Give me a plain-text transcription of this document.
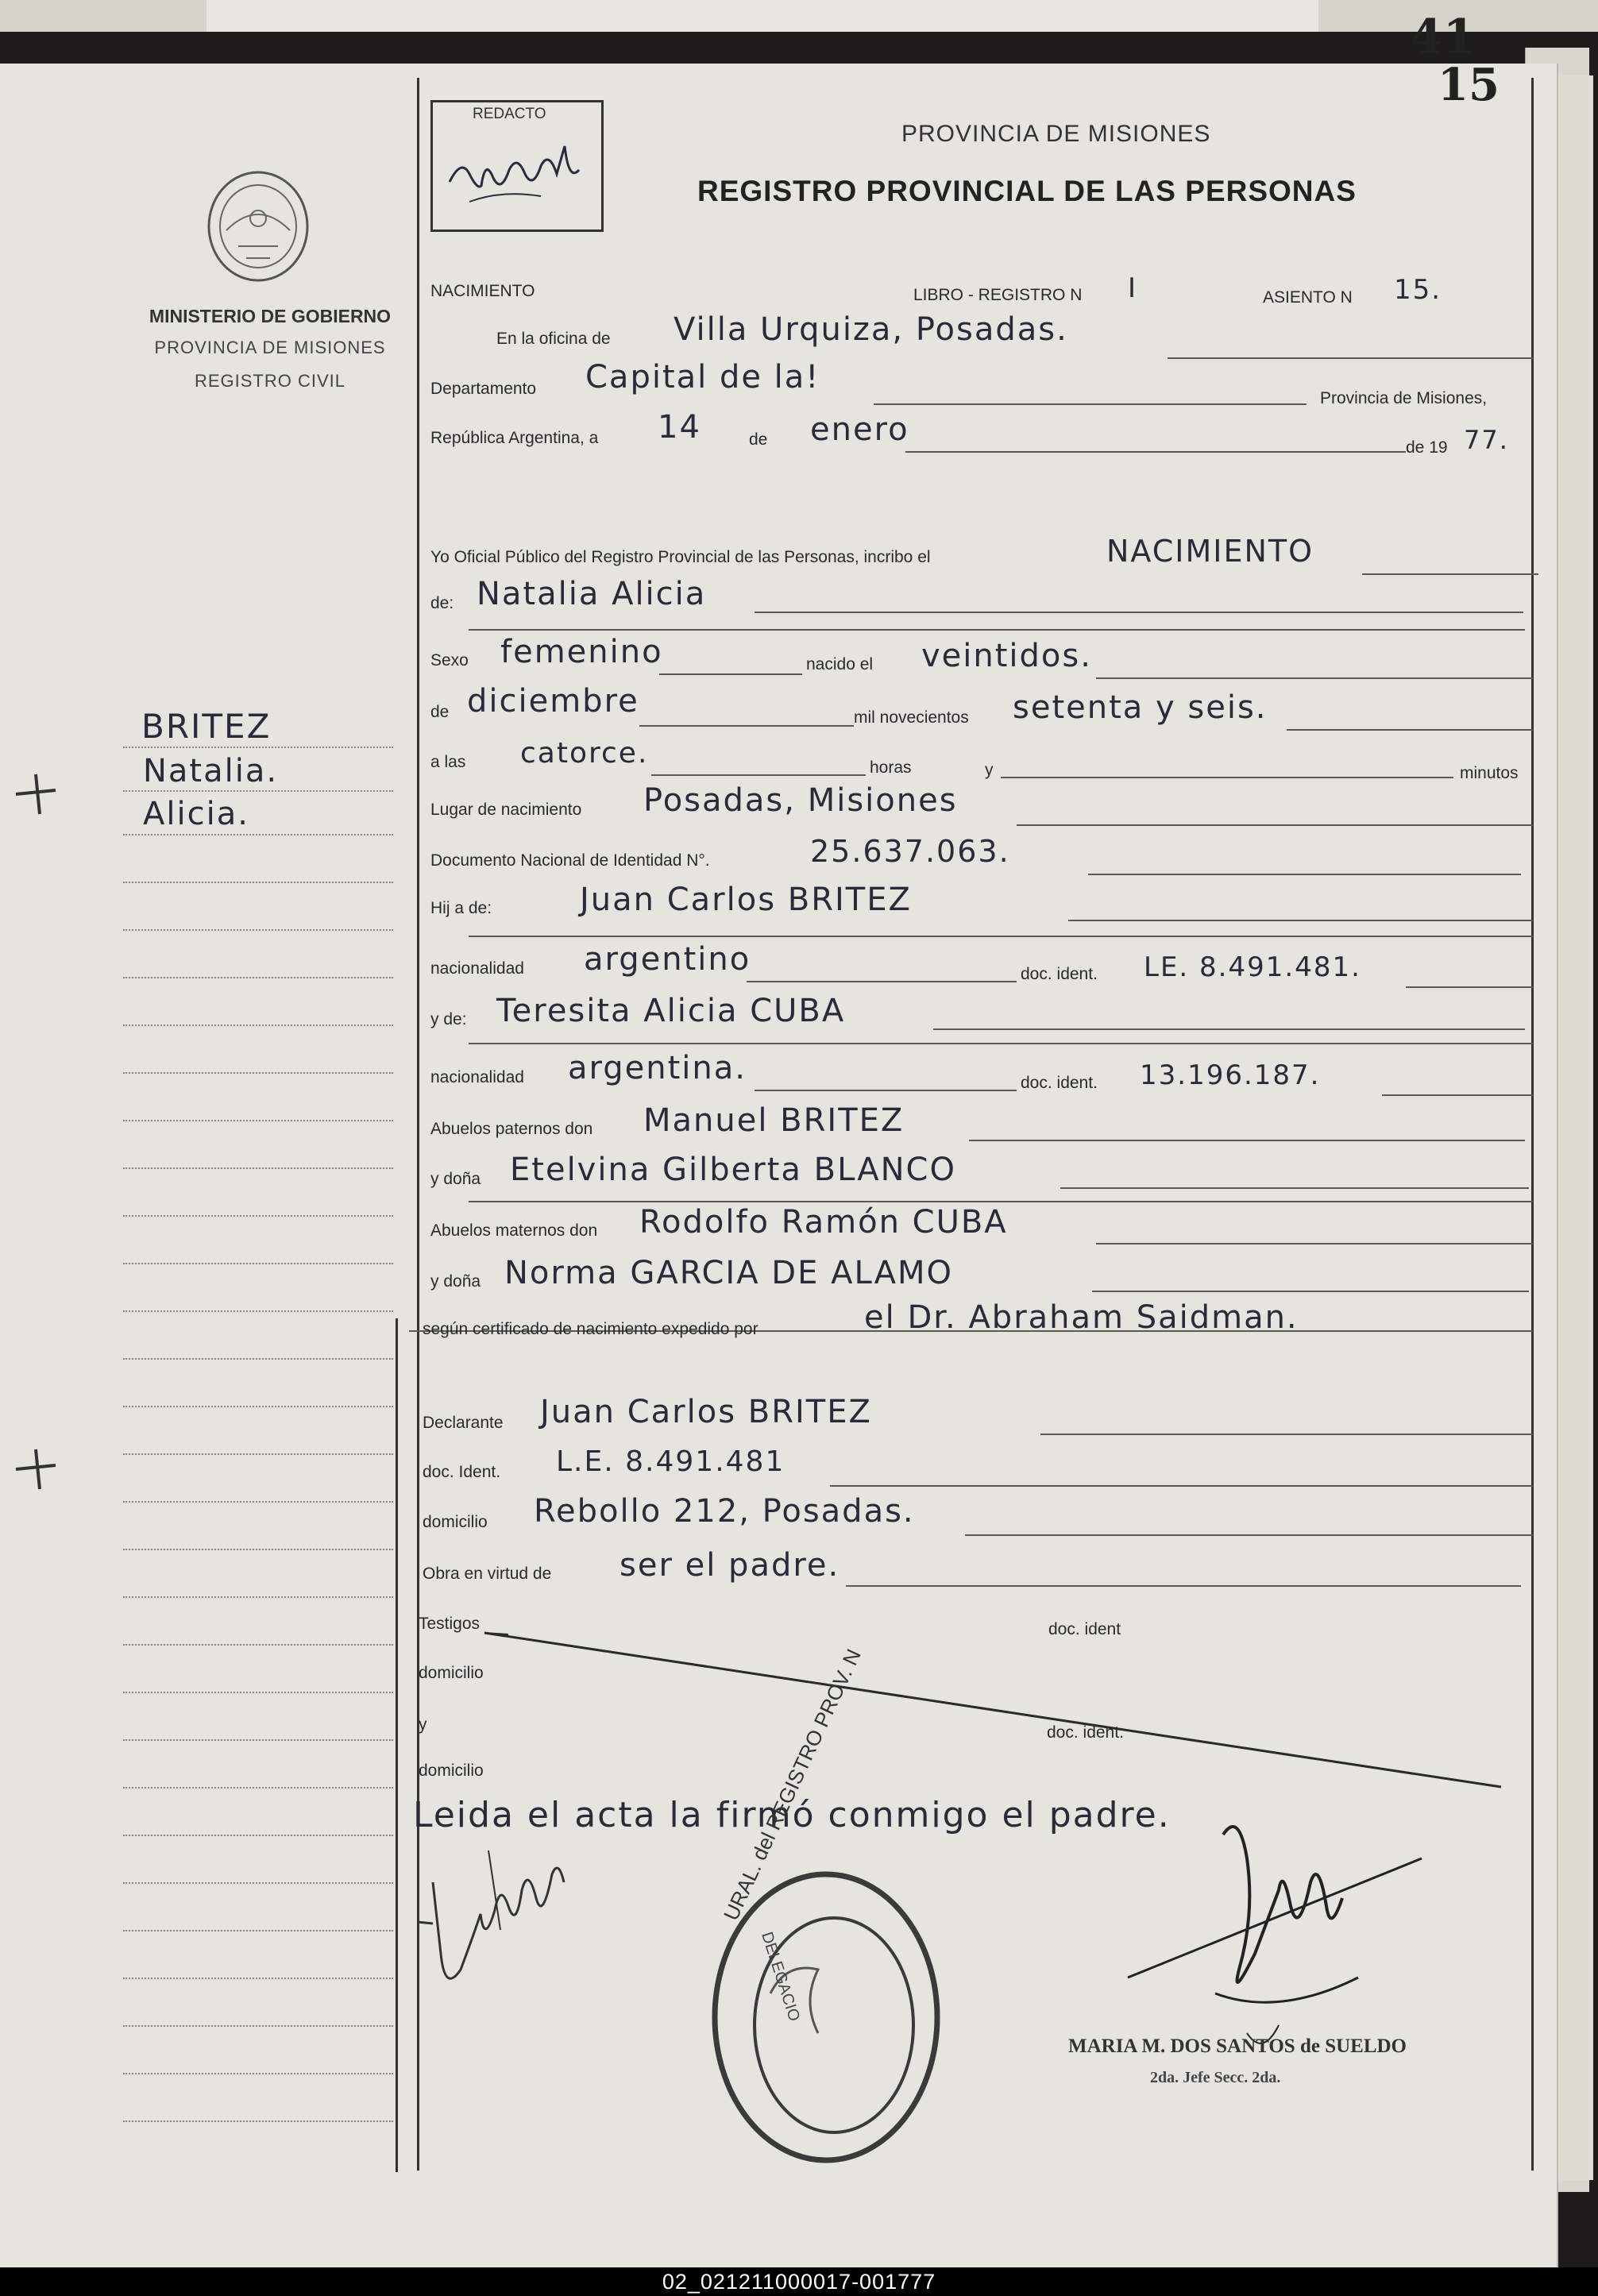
41
15
REDACTO
PROVINCIA DE MISIONES
REGISTRO PROVINCIAL DE LAS PERSONAS
MINISTERIO DE GOBIERNO
PROVINCIA DE MISIONES
REGISTRO CIVIL
BRITEZ
Natalia.
Alicia.
NACIMIENTO	LIBRO - REGISTRO N I	ASIENTO N 15.
En la oficina de Villa Urquiza, Posadas.
Departamento Capital de la!
Provincia de Misiones,
República Argentina, a 14	de enero	de 19 77.
Yo Oficial Público del Registro Provincial de las Personas, incribo el	NACIMIENTO
de: Natalia Alicia
Sexo femenino	nacido el veintidos.
de diciembre	mil novecientos setenta y seis.
a las catorce.	horas	y	minutos
Lugar de nacimiento Posadas, Misiones
Documento Nacional de Identidad N°.	25.637.063.
Hij a de:	Juan Carlos BRITEZ
nacionalidad argentino	doc. ident. LE. 8.491.481.
y de: Teresita Alicia CUBA
nacionalidad argentina.	doc. ident. 13.196.187.
Abuelos paternos don Manuel BRITEZ
y doña Etelvina Gilberta BLANCO
Abuelos maternos don Rodolfo Ramón CUBA
y doña Norma GARCIA DE ALAMO
según certificado de nacimiento expedido por	el Dr. Abraham Saidman.
Declarante Juan Carlos BRITEZ
doc. Ident. L.E. 8.491.481
domicilio Rebollo 212, Posadas.
Obra en virtud de ser el padre.
Testigos	doc. ident
domicilio
y	doc. ident.
domicilio
Leida el acta la firmó conmigo el padre.
URAL. del REGISTRO PROV. N
DELEGACIO
MARIA M. DOS SANTOS de SUELDO
2da. Jefe Secc. 2da.
02_021211000017-001777
